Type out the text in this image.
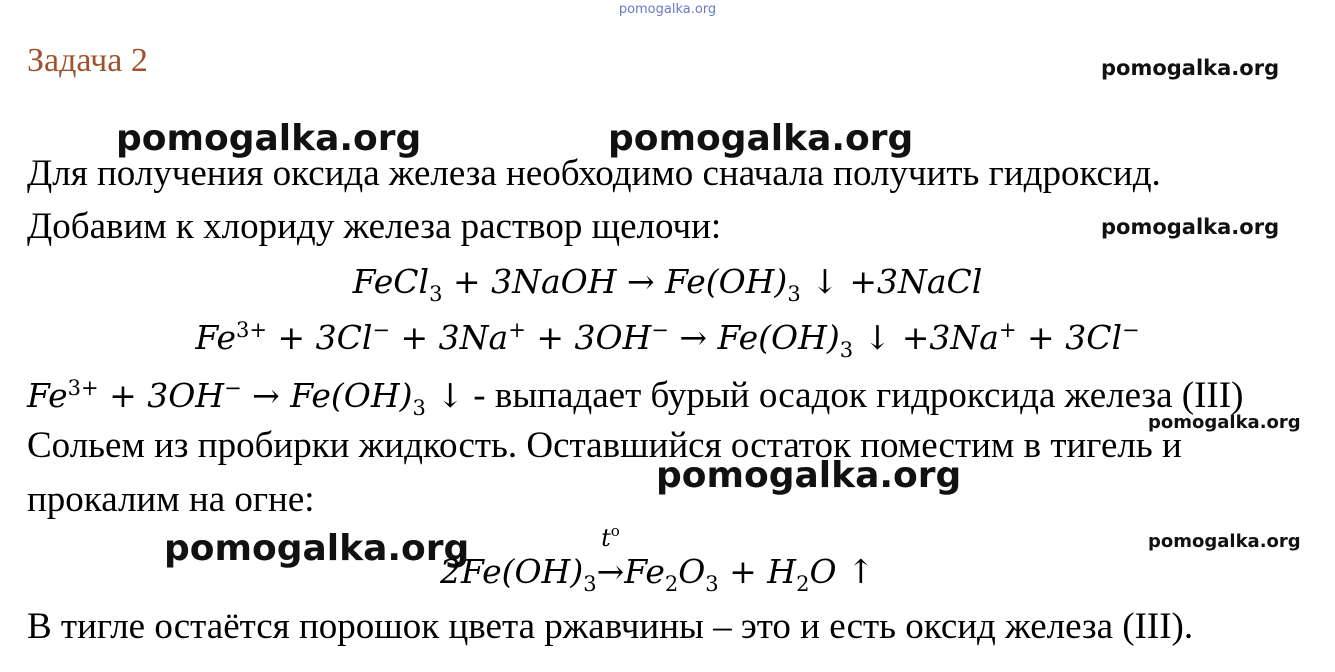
pomogalka.org
Задача 2	pomogalka.org
pomogalka.org	pomogalka.org
Для получения оксида железа необходимо сначала получить гидроксид.
Добавим к хлориду железа раствор щелочи:	pomogalka.org
FeCl$_3$ + 3NaOH → $Fe(OH)_3$ ↓ +3NaCl
$Fe^{3+} + 3Cl^- + 3Na^+ + 3OH^- \to Fe(OH)_3$ ↓ +3Na+ + 3Cl−
$Fe^{3+} + 3OH^- \to Fe(OH)_3$ ↓ - выпадает бурый осадок гидроксида железа (III)
pomogalka.org
Сольем из пробирки жидкость. Оставшийся остаток поместим в тигель и
pomogalka.org
прокалим на огне:
pomogalka.org	pomogalka.org
$2Fe(OH)_3$
$t^o$
$\to Fe_2O_3 + H_2O$ ↑
В тигле остаётся порошок цвета ржавчины – это и есть оксид железа (III).
